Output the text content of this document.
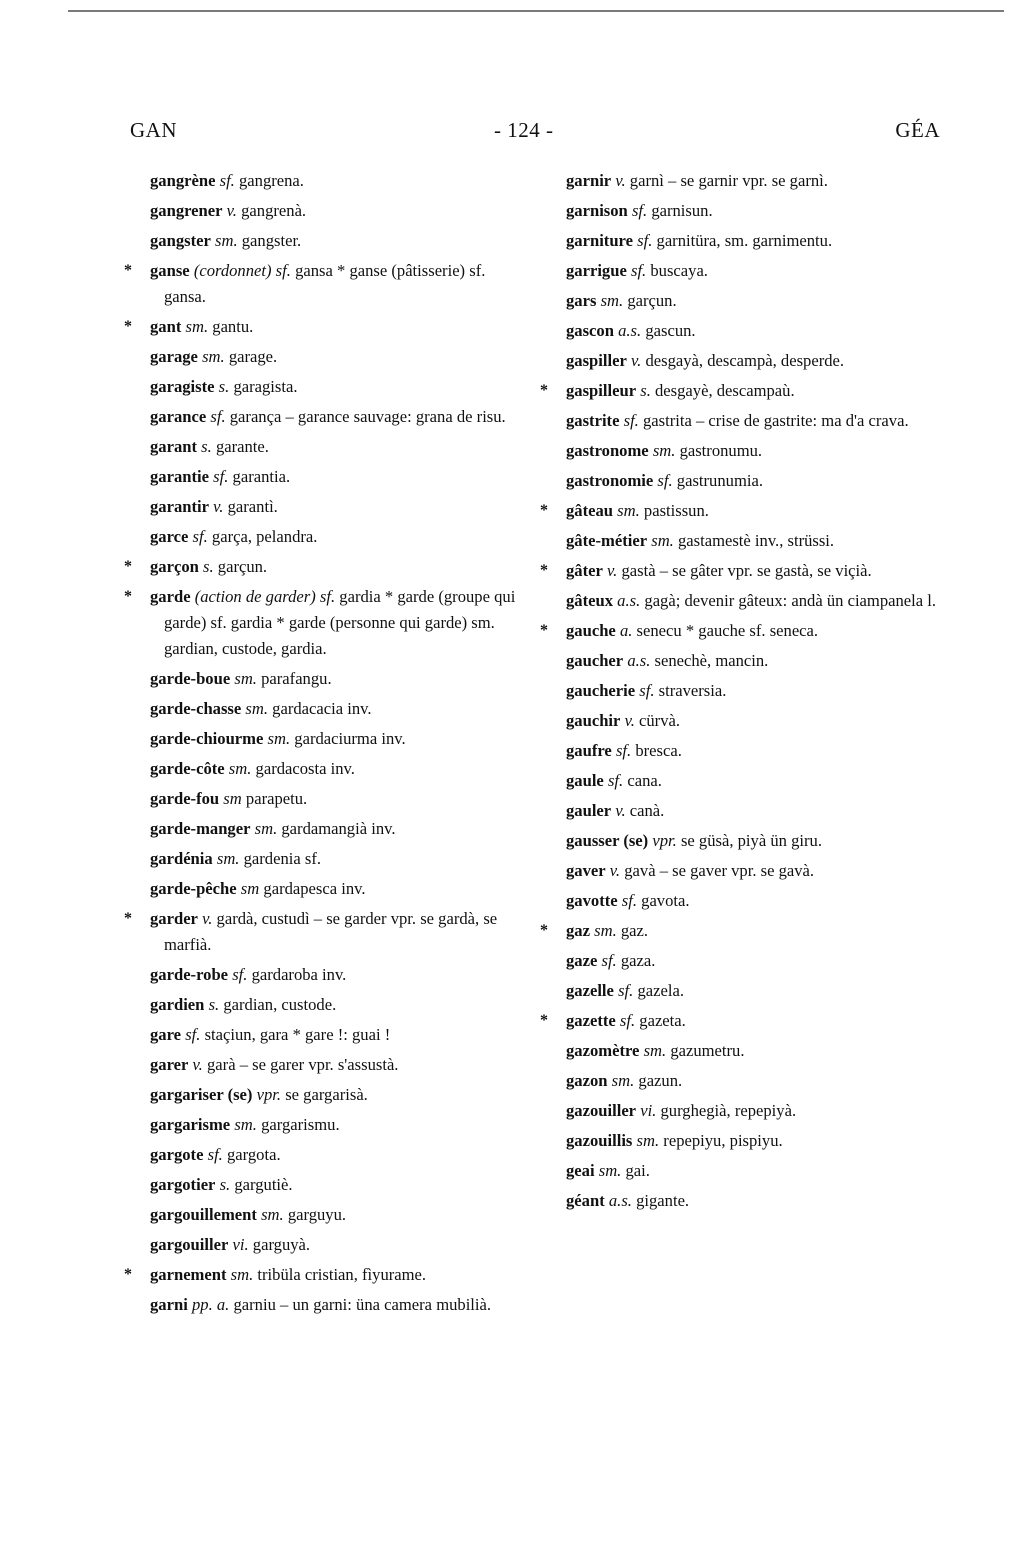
GAN	- 124 -	GÉA
gangrène sf. gangrena.
gangrener v. gangrenà.
gangster sm. gangster.
* ganse (cordonnet) sf. gansa * ganse (pâtisserie) sf. gansa.
* gant sm. gantu.
garage sm. garage.
garagiste s. garagista.
garance sf. garança – garance sauvage: grana de risu.
garant s. garante.
garantie sf. garantia.
garantir v. garantì.
garce sf. garça, pelandra.
* garçon s. garçun.
* garde (action de garder) sf. gardia * garde (groupe qui garde) sf. gardia * garde (personne qui garde) sm. gardian, custode, gardia.
garde-boue sm. parafangu.
garde-chasse sm. gardacacia inv.
garde-chiourme sm. gardaciurma inv.
garde-côte sm. gardacosta inv.
garde-fou sm parapetu.
garde-manger sm. gardamangià inv.
gardénia sm. gardenia sf.
garde-pêche sm gardapesca inv.
* garder v. gardà, custudì – se garder vpr. se gardà, se marfià.
garde-robe sf. gardaroba inv.
gardien s. gardian, custode.
gare sf. staçiun, gara * gare !: guai !
garer v. garà – se garer vpr. s'assustà.
gargariser (se) vpr. se gargarisà.
gargarisme sm. gargarismu.
gargote sf. gargota.
gargotier s. gargutiè.
gargouillement sm. garguyu.
gargouiller vi. garguyà.
* garnement sm. tribüla cristian, fìyurame.
garni pp. a. garniu – un garni: üna camera mubilià.
garnir v. garnì – se garnir vpr. se garnì.
garnison sf. garnisun.
garniture sf. garnitüra, sm. garnimentu.
garrigue sf. buscaya.
gars sm. garçun.
gascon a.s. gascun.
gaspiller v. desgayà, descampà, desperde.
* gaspilleur s. desgayè, descampaù.
gastrite sf. gastrita – crise de gastrite: ma d'a crava.
gastronome sm. gastronumu.
gastronomie sf. gastrunumia.
* gâteau sm. pastissun.
gâte-métier sm. gastamestè inv., strüssi.
* gâter v. gastà – se gâter vpr. se gastà, se viçià.
gâteux a.s. gagà; devenir gâteux: andà ün ciampanela l.
* gauche a. senecu * gauche sf. seneca.
gaucher a.s. senechè, mancin.
gaucherie sf. straversia.
gauchir v. cürvà.
gaufre sf. bresca.
gaule sf. cana.
gauler v. canà.
gausser (se) vpr. se güsà, piyà ün giru.
gaver v. gavà – se gaver vpr. se gavà.
gavotte sf. gavota.
* gaz sm. gaz.
gaze sf. gaza.
gazelle sf. gazela.
* gazette sf. gazeta.
gazomètre sm. gazumetru.
gazon sm. gazun.
gazouiller vi. gurghegià, repepiyà.
gazouillis sm. repepiyu, pispiyu.
geai sm. gai.
géant a.s. gigante.
